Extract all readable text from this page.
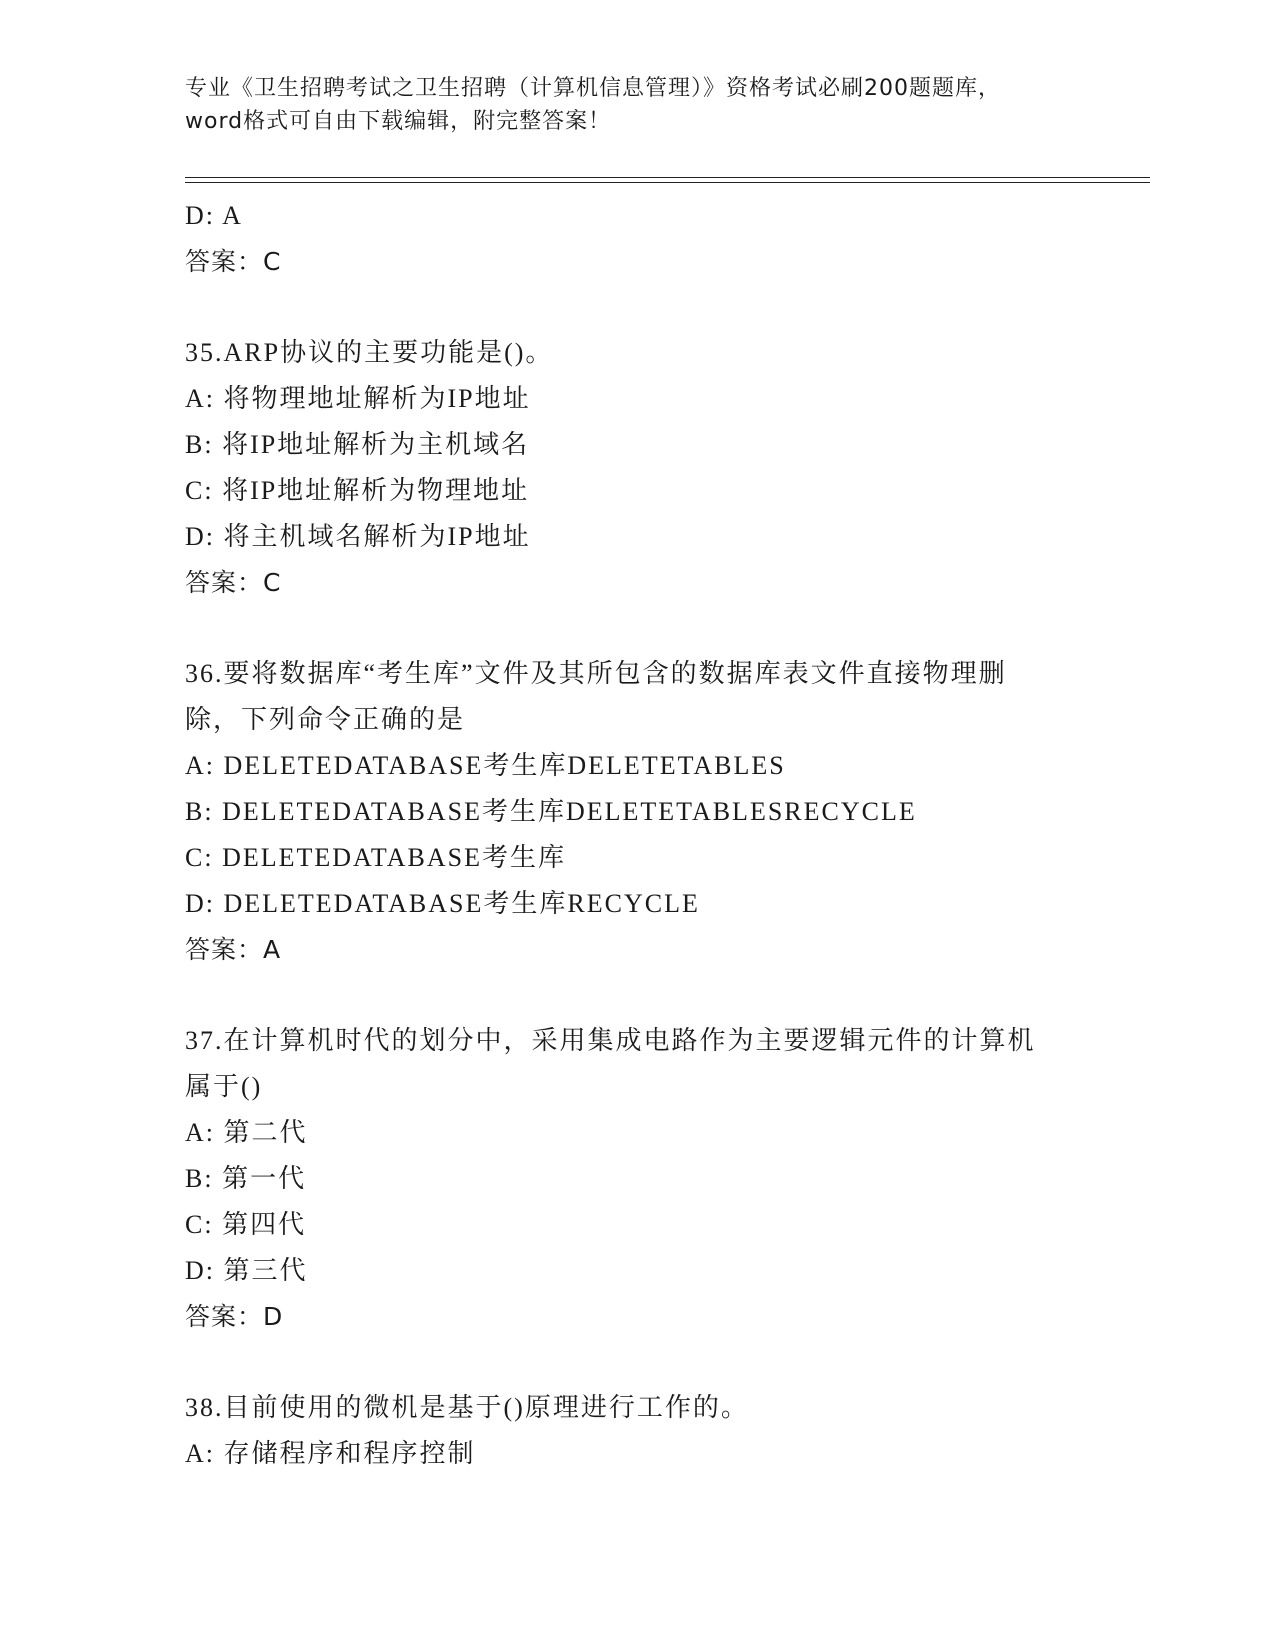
专业《卫生招聘考试之卫生招聘（计算机信息管理）》资格考试必刷200题题库，
word格式可自由下载编辑，附完整答案！
D: A
答案：C
35.ARP协议的主要功能是()。
A: 将物理地址解析为IP地址
B: 将IP地址解析为主机域名
C: 将IP地址解析为物理地址
D: 将主机域名解析为IP地址
答案：C
36.要将数据库“考生库”文件及其所包含的数据库表文件直接物理删
除，下列命令正确的是
A: DELETEDATABASE考生库DELETETABLES
B: DELETEDATABASE考生库DELETETABLESRECYCLE
C: DELETEDATABASE考生库
D: DELETEDATABASE考生库RECYCLE
答案：A
37.在计算机时代的划分中，采用集成电路作为主要逻辑元件的计算机
属于()
A: 第二代
B: 第一代
C: 第四代
D: 第三代
答案：D
38.目前使用的微机是基于()原理进行工作的。
A: 存储程序和程序控制
